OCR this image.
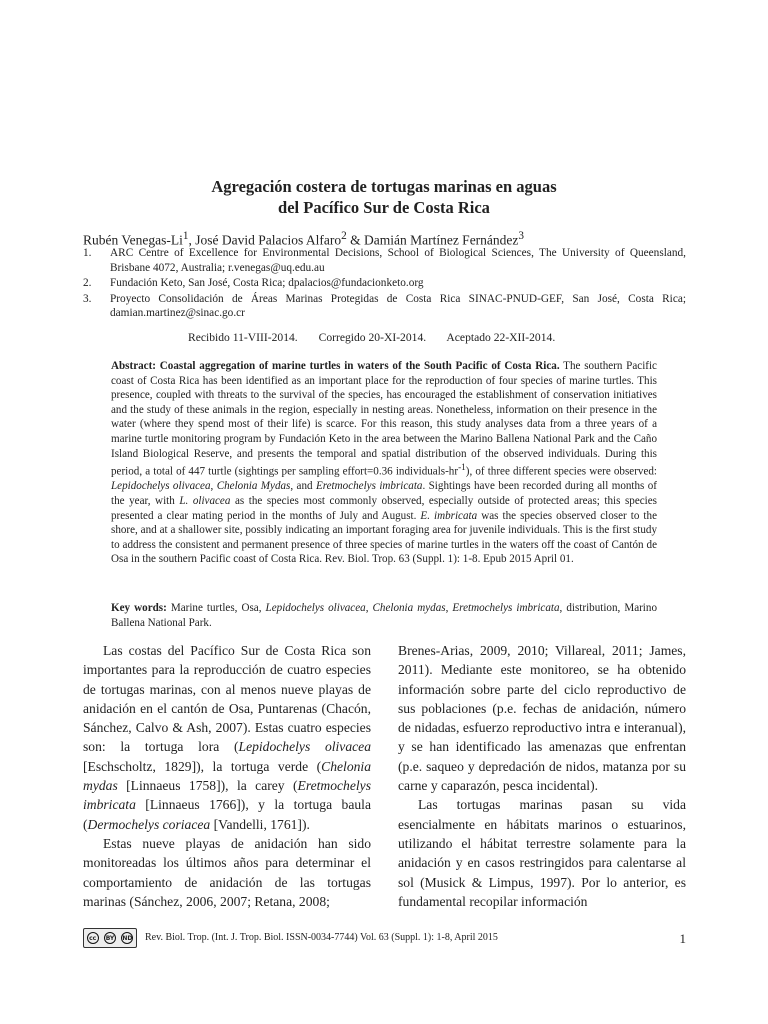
Agregación costera de tortugas marinas en aguas
del Pacífico Sur de Costa Rica
Rubén Venegas-Li$^1$, José David Palacios Alfaro$^2$ & Damián Martínez Fernández$^3$
1.	ARC Centre of Excellence for Environmental Decisions, School of Biological Sciences, The University of Queensland, Brisbane 4072, Australia; r.venegas@uq.edu.au
2.	Fundación Keto, San José, Costa Rica; dpalacios@fundacionketo.org
3.	Proyecto Consolidación de Áreas Marinas Protegidas de Costa Rica SINAC-PNUD-GEF, San José, Costa Rica; damian.martinez@sinac.go.cr
Recibido 11-VIII-2014. Corregido 20-XI-2014. Aceptado 22-XII-2014.
Abstract: Coastal aggregation of marine turtles in waters of the South Pacific of Costa Rica. The southern Pacific coast of Costa Rica has been identified as an important place for the reproduction of four species of marine turtles. This presence, coupled with threats to the survival of the species, has encouraged the establishment of conservation initiatives and the study of these animals in the region, especially in nesting areas. Nonetheless, information on their presence in the water (where they spend most of their life) is scarce. For this reason, this study analyses data from a three years of a marine turtle monitoring program by Fundación Keto in the area between the Marino Ballena National Park and the Caño Island Biological Reserve, and presents the temporal and spatial distribution of the observed individuals. During this period, a total of 447 turtle (sightings per sampling effort=0.36 individuals-$hr^{-1}$), of three different species were observed: Lepidochelys olivacea, Chelonia Mydas, and Eretmochelys imbricata. Sightings have been recorded during all months of the year, with L. olivacea as the species most commonly observed, especially outside of protected areas; this species presented a clear mating period in the months of July and August. E. imbricata was the species observed closer to the shore, and at a shallower site, possibly indicating an important foraging area for juvenile individuals. This is the first study to address the consistent and permanent presence of three species of marine turtles in the waters off the coast of Cantón de Osa in the southern Pacific coast of Costa Rica. Rev. Biol. Trop. 63 (Suppl. 1): 1-8. Epub 2015 April 01.
Key words: Marine turtles, Osa, Lepidochelys olivacea, Chelonia mydas, Eretmochelys imbricata, distribution, Marino Ballena National Park.

Las costas del Pacífico Sur de Costa Rica son importantes para la reproducción de cuatro especies de tortugas marinas, con al menos nueve playas de anidación en el cantón de Osa, Puntarenas (Chacón, Sánchez, Calvo & Ash, 2007). Estas cuatro especies son: la tortuga lora (Lepidochelys olivacea [Eschscholtz, 1829]), la tortuga verde (Chelonia mydas [Linnaeus 1758]), la carey (Eretmochelys imbricata [Linnaeus 1766]), y la tortuga baula (Dermochelys coriacea [Vandelli, 1761]).

Estas nueve playas de anidación han sido monitoreadas los últimos años para determinar el comportamiento de anidación de las tortugas marinas (Sánchez, 2006, 2007; Retana, 2008;

Brenes-Arias, 2009, 2010; Villareal, 2011; James, 2011). Mediante este monitoreo, se ha obtenido información sobre parte del ciclo reproductivo de sus poblaciones (p.e. fechas de anidación, número de nidadas, esfuerzo reproductivo intra e interanual), y se han identificado las amenazas que enfrentan (p.e. saqueo y depredación de nidos, matanza por su carne y caparazón, pesca incidental).

Las tortugas marinas pasan su vida esencialmente en hábitats marinos o estuarinos, utilizando el hábitat terrestre solamente para la anidación y en casos restringidos para calentarse al sol (Musick & Limpus, 1997). Por lo anterior, es fundamental recopilar información

cc	BY ND Rev. Biol. Trop. (Int. J. Trop. Biol. ISSN-0034-7744) Vol. 63 (Suppl. 1): 1-8, April 2015	1
